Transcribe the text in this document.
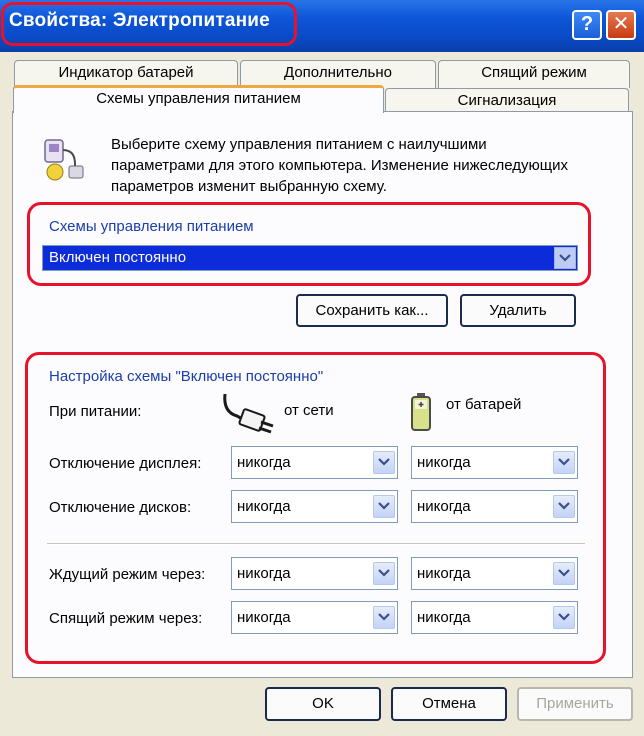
Свойства: Электропитание	? ✕
Индикатор батарей	Дополнительно	Спящий режим
Схемы управления питанием	Сигнализация
Выберите схему управления питанием с наилучшими параметрами для этого компьютера. Изменение нижеследующих параметров изменит выбранную схему.
Схемы управления питанием
Включен постоянно
Сохранить как...	Удалить
Настройка схемы "Включен постоянно"
При питании:	от сети	от батарей
Отключение дисплея: никогда	никогда
Отключение дисков:	никогда	никогда
Ждущий режим через: никогда	никогда
Спящий режим через: никогда	никогда
OK	Отмена	Применить
